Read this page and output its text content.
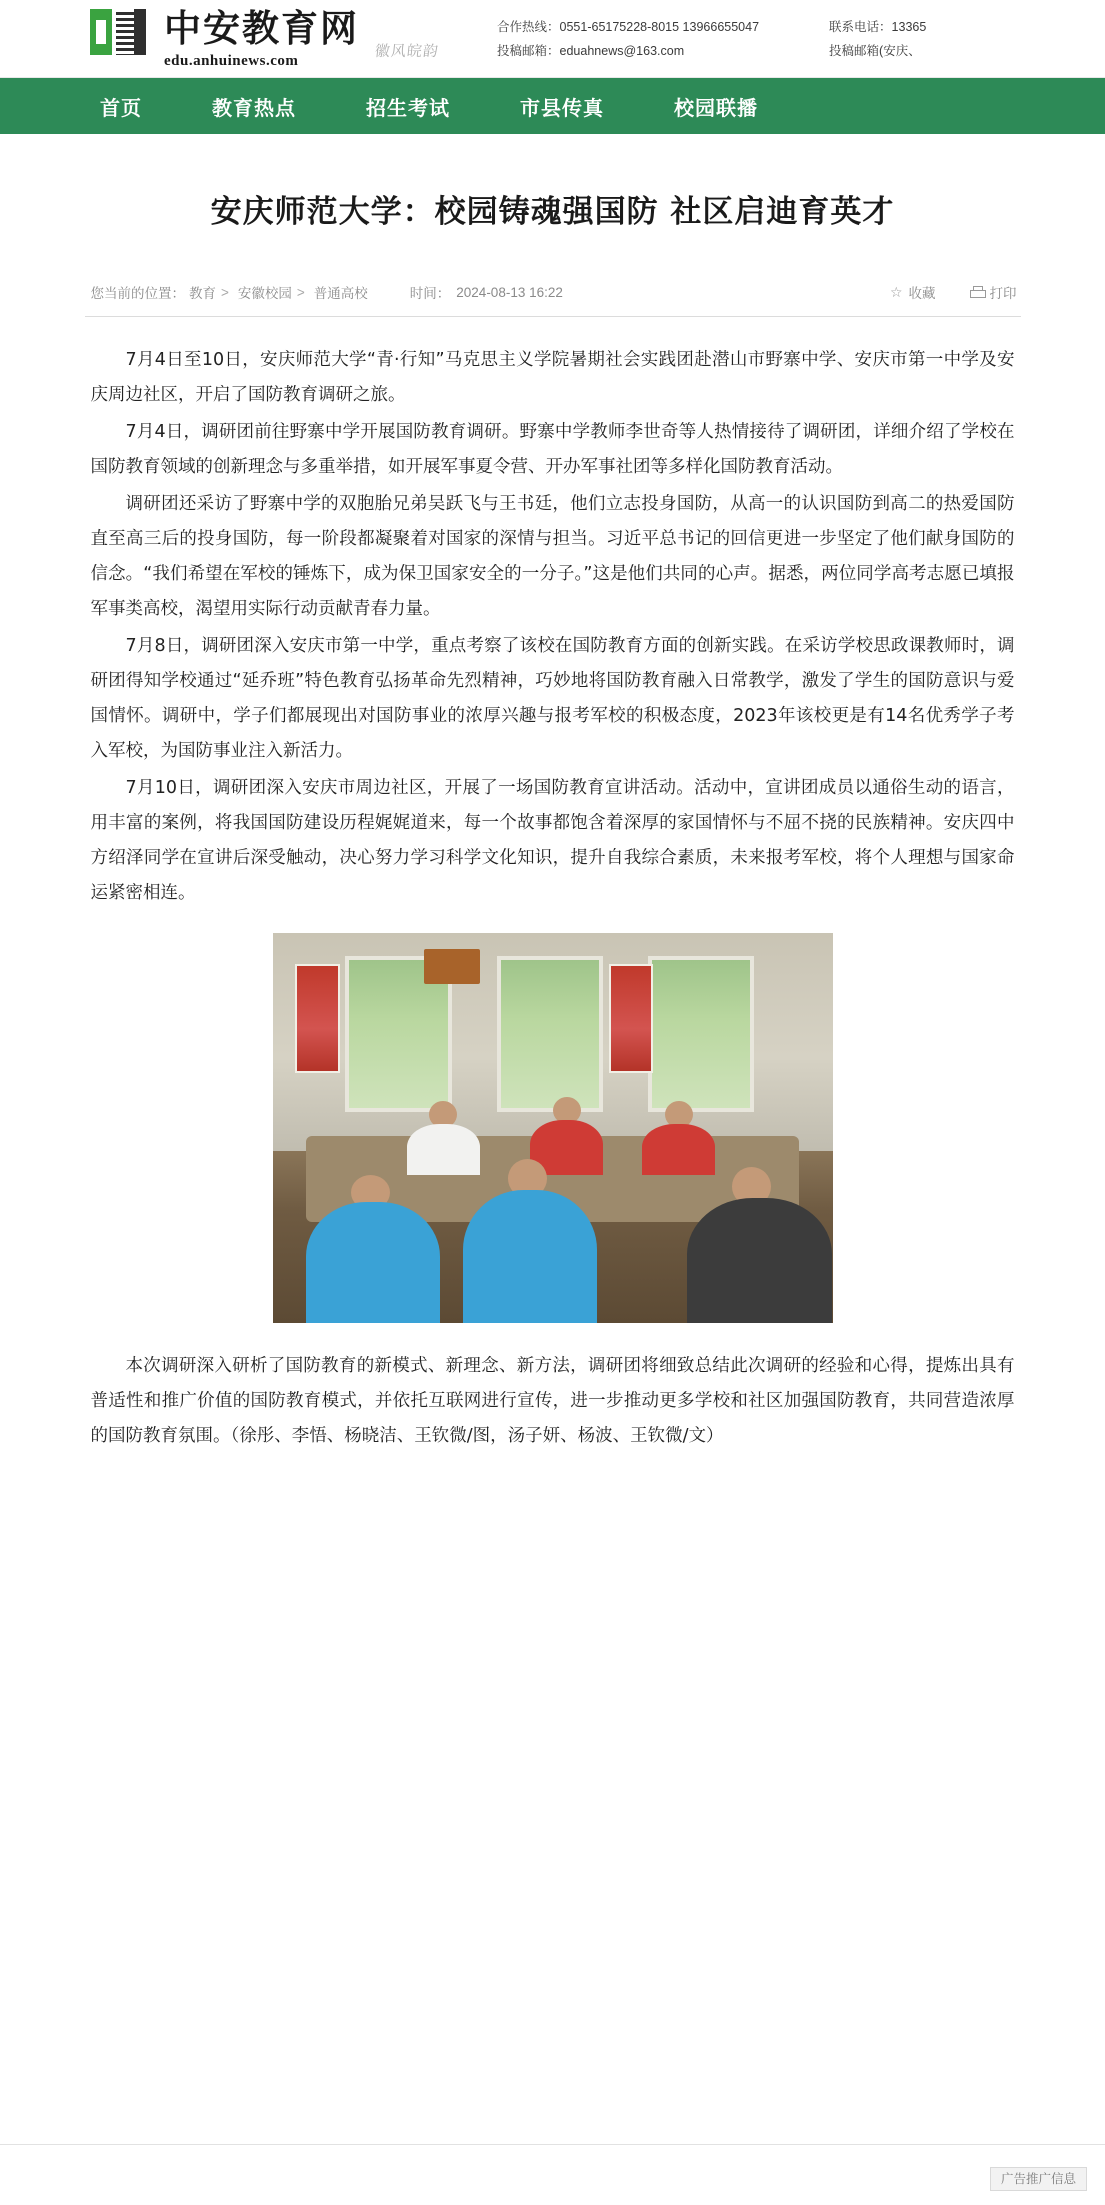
中安教育网
edu.anhuinews.com
徽风皖韵
合作热线：0551-65175228-8015 13966655047
投稿邮箱：eduahnews@163.com
联系电话：13365
投稿邮箱(安庆、
首页	教育热点	招生考试	市县传真	校园联播
安庆师范大学：校园铸魂强国防 社区启迪育英才
您当前的位置： 教育 > 安徽校园 > 普通高校	时间： 2024-08-13 16:22	☆ 收藏	打印

7月4日至10日，安庆师范大学“青·行知”马克思主义学院暑期社会实践团赴潜山市野寨中学、安庆市第一中学及安庆周边社区，开启了国防教育调研之旅。

7月4日，调研团前往野寨中学开展国防教育调研。野寨中学教师李世奇等人热情接待了调研团，详细介绍了学校在国防教育领域的创新理念与多重举措，如开展军事夏令营、开办军事社团等多样化国防教育活动。

调研团还采访了野寨中学的双胞胎兄弟吴跃飞与王书廷，他们立志投身国防，从高一的认识国防到高二的热爱国防直至高三后的投身国防，每一阶段都凝聚着对国家的深情与担当。习近平总书记的回信更进一步坚定了他们献身国防的信念。“我们希望在军校的锤炼下，成为保卫国家安全的一分子。”这是他们共同的心声。据悉，两位同学高考志愿已填报军事类高校，渴望用实际行动贡献青春力量。

7月8日，调研团深入安庆市第一中学，重点考察了该校在国防教育方面的创新实践。在采访学校思政课教师时，调研团得知学校通过“延乔班”特色教育弘扬革命先烈精神，巧妙地将国防教育融入日常教学，激发了学生的国防意识与爱国情怀。调研中，学子们都展现出对国防事业的浓厚兴趣与报考军校的积极态度，2023年该校更是有14名优秀学子考入军校，为国防事业注入新活力。

7月10日，调研团深入安庆市周边社区，开展了一场国防教育宣讲活动。活动中，宣讲团成员以通俗生动的语言，用丰富的案例，将我国国防建设历程娓娓道来，每一个故事都饱含着深厚的家国情怀与不屈不挠的民族精神。安庆四中方绍泽同学在宣讲后深受触动，决心努力学习科学文化知识，提升自我综合素质，未来报考军校，将个人理想与国家命运紧密相连。

本次调研深入研析了国防教育的新模式、新理念、新方法，调研团将细致总结此次调研的经验和心得，提炼出具有普适性和推广价值的国防教育模式，并依托互联网进行宣传，进一步推动更多学校和社区加强国防教育，共同营造浓厚的国防教育氛围。（徐彤、李悟、杨晓洁、王钦微/图，汤子妍、杨波、王钦微/文）

广告推广信息
